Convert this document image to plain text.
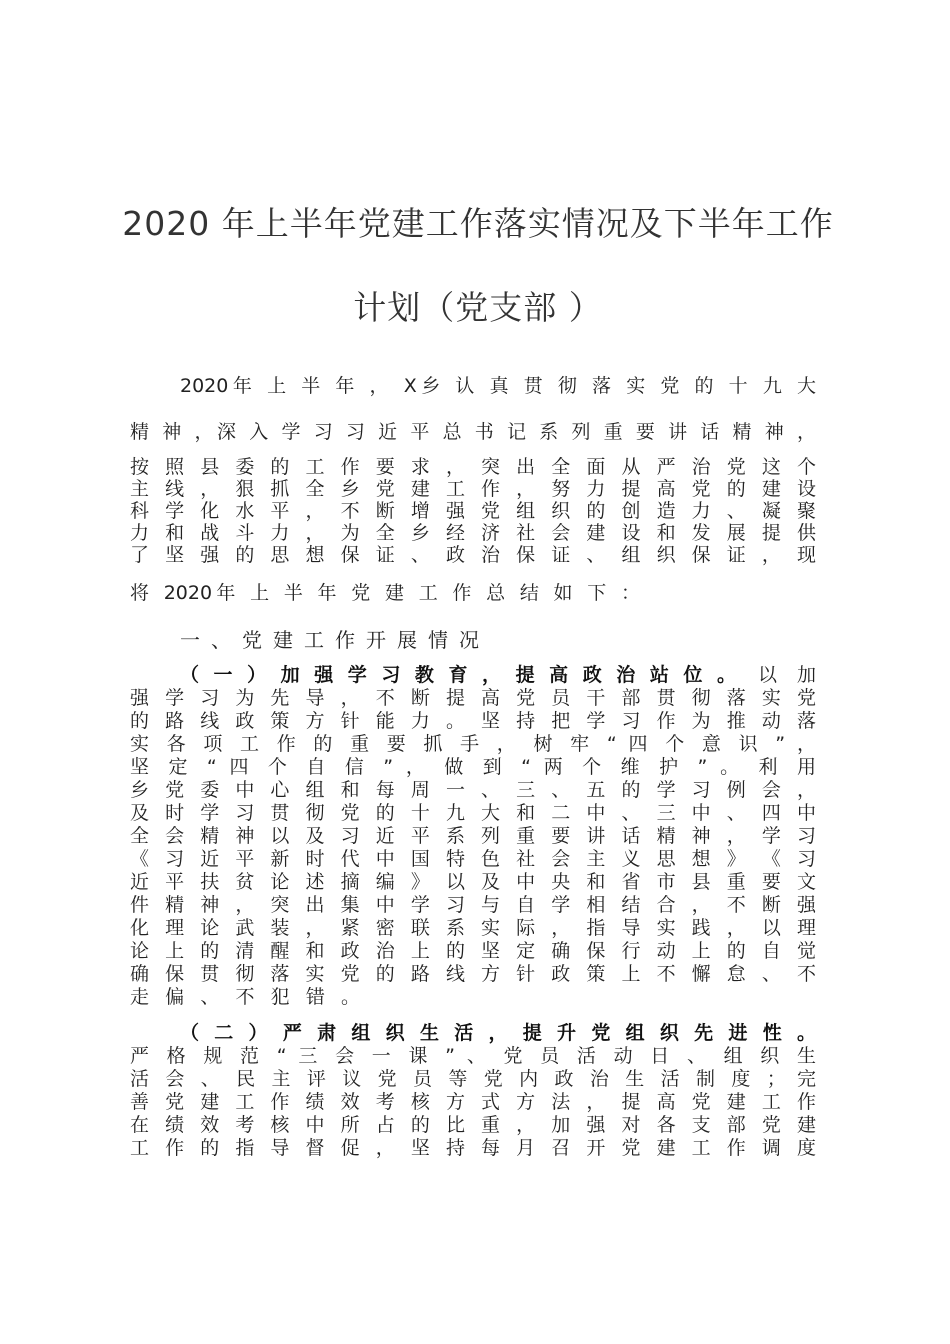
2020 年上半年党建工作落实情况及下半年工作
计划（党支部 ）
2020年 上 半 年 ， X乡 认 真 贯 彻 落 实 党 的 十 九 大
精 神 ，深 入 学 习 习 近 平 总 书 记 系 列 重 要 讲 话 精 神 ，
按 照 县 委 的 工 作 要 求 ， 突 出 全 面 从 严 治 党 这 个
主 线 ， 狠 抓 全 乡 党 建 工 作 ， 努 力 提 高 党 的 建 设
科 学 化 水 平 ， 不 断 增 强 党 组 织 的 创 造 力 、 凝 聚
力 和 战 斗 力 ， 为 全 乡 经 济 社 会 建 设 和 发 展 提 供
了 坚 强 的 思 想 保 证 、 政 治 保 证 、 组 织 保 证 ， 现
将 2020年 上 半 年 党 建 工 作 总 结 如 下 ：
一、党建工作开展情况
（ 一 ） 加 强 学 习 教 育 ， 提 高 政 治 站 位 。 以 加
强 学 习 为 先 导 ， 不 断 提 高 党 员 干 部 贯 彻 落 实 党
的 路 线 政 策 方 针 能 力 。 坚 持 把 学 习 作 为 推 动 落
实 各 项 工 作 的 重 要 抓 手 ， 树 牢 “ 四 个 意 识 ” ，
坚 定 “ 四 个 自 信 ” ， 做 到 “ 两 个 维 护 ” 。 利 用
乡 党 委 中 心 组 和 每 周 一 、 三 、 五 的 学 习 例 会 ，
及 时 学 习 贯 彻 党 的 十 九 大 和 二 中 、 三 中 、 四 中
全 会 精 神 以 及 习 近 平 系 列 重 要 讲 话 精 神 ， 学 习
《 习 近 平 新 时 代 中 国 特 色 社 会 主 义 思 想 》 《 习
近 平 扶 贫 论 述 摘 编 》 以 及 中 央 和 省 市 县 重 要 文
件 精 神 ， 突 出 集 中 学 习 与 自 学 相 结 合 ， 不 断 强
化 理 论 武 装 ， 紧 密 联 系 实 际 ， 指 导 实 践 ， 以 理
论 上 的 清 醒 和 政 治 上 的 坚 定 确 保 行 动 上 的 自 觉
确 保 贯 彻 落 实 党 的 路 线 方 针 政 策 上 不 懈 怠 、 不
走 偏 、 不 犯 错 。
（ 二 ） 严 肃 组 织 生 活 ， 提 升 党 组 织 先 进 性 。
严 格 规 范 “ 三 会 一 课 ” 、 党 员 活 动 日 、 组 织 生
活 会 、 民 主 评 议 党 员 等 党 内 政 治 生 活 制 度 ； 完
善 党 建 工 作 绩 效 考 核 方 式 方 法 ， 提 高 党 建 工 作
在 绩 效 考 核 中 所 占 的 比 重 ， 加 强 对 各 支 部 党 建
工 作 的 指 导 督 促 ， 坚 持 每 月 召 开 党 建 工 作 调 度
